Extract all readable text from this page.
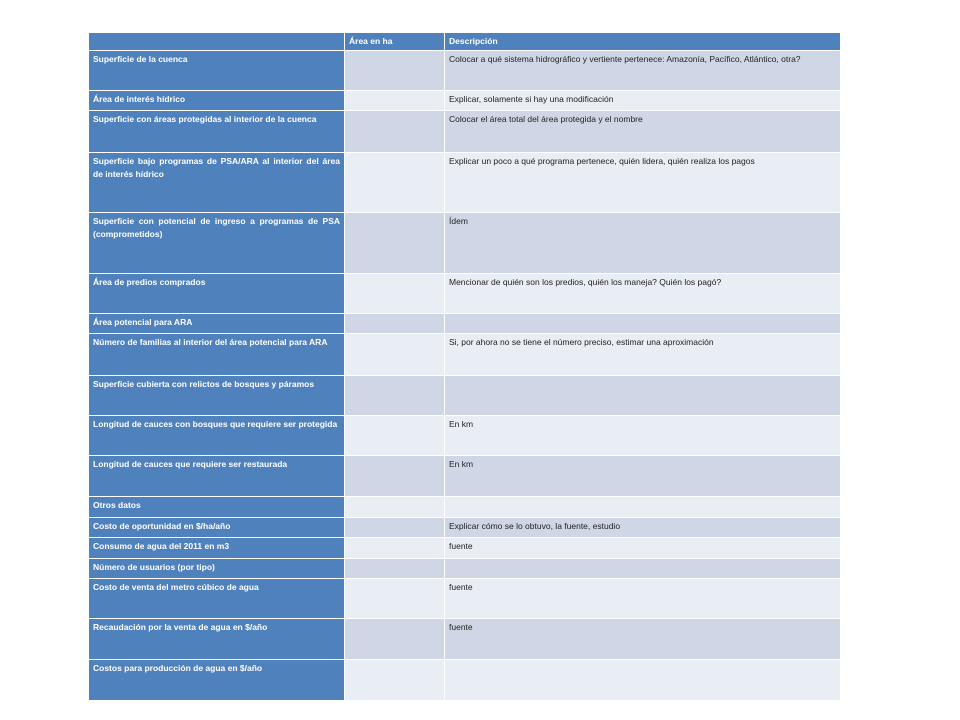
	Área en ha	Descripción
Superficie de la cuenca		Colocar a qué sistema hidrográfico y vertiente pertenece: Amazonía, Pacífico, Atlántico, otra?
Área de interés hídrico		Explicar, solamente si hay una modificación
Superficie con áreas protegidas al interior de la cuenca		Colocar el área total del área protegida y el nombre
Superficie bajo programas de PSA/ARA al interior del área de interés hídrico		Explicar un poco a qué programa pertenece, quién lidera, quién realiza los pagos
Superficie con potencial de ingreso a programas de PSA (comprometidos)		Ídem
Área de predios comprados		Mencionar de quién son los predios, quién los maneja? Quién los pagó?
Área potencial para ARA		
Número de familias al interior del área potencial para ARA		Si, por ahora no se tiene el número preciso, estimar una aproximación
Superficie cubierta con relictos de bosques y páramos		
Longitud de cauces con bosques que requiere ser protegida		En km
Longitud de cauces que requiere ser restaurada		En km
Otros datos		
Costo de oportunidad en $/ha/año		Explicar cómo se lo obtuvo, la fuente, estudio
Consumo de agua del 2011 en m3		fuente
Número de usuarios (por tipo)		
Costo de venta del metro cúbico de agua		fuente
Recaudación por la venta de agua en $/año		fuente
Costos para producción de agua en $/año		
